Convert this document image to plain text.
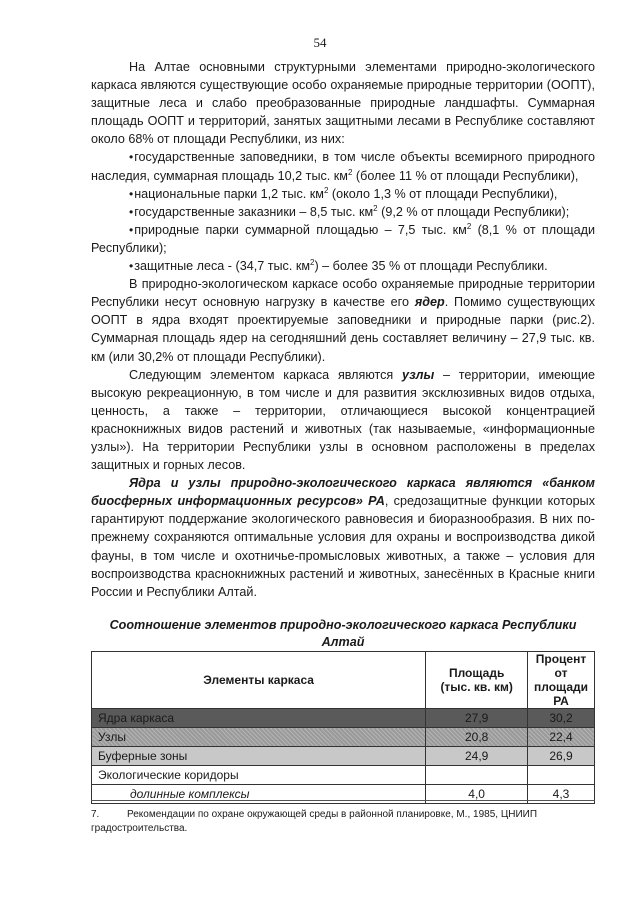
54

На Алтае основными структурными элементами природно-экологического каркаса являются существующие особо охраняемые природные территории (ООПТ), защитные леса и слабо преобразованные природные ландшафты. Суммарная площадь ООПТ и территорий, занятых защитными лесами в Республике составляют около 68% от площади Республики, из них:

•государственные заповедники, в том числе объекты всемирного природного наследия, суммарная площадь 10,2 тыс. $км^2$ (более 11 % от площади Республики),

•национальные парки 1,2 тыс. $км^2$ (около 1,3 % от площади Республики),

•государственные заказники – 8,5 тыс. $км^2$ (9,2 % от площади Республики);

•природные парки суммарной площадью – 7,5 тыс. $км^2$ (8,1 % от площади Республики);

•защитные леса - (34,7 тыс. $км^2$) – более 35 % от площади Республики.

В природно-экологическом каркасе особо охраняемые природные территории Республики несут основную нагрузку в качестве его ядер. Помимо существующих ООПТ в ядра входят проектируемые заповедники и природные парки (рис.2). Суммарная площадь ядер на сегодняшний день составляет величину – 27,9 тыс. кв. км (или 30,2% от площади Республики).

Следующим элементом каркаса являются узлы – территории, имеющие высокую рекреационную, в том числе и для развития эксклюзивных видов отдыха, ценность, а также – территории, отличающиеся высокой концентрацией краснокнижных видов растений и животных (так называемые, «информационные узлы»). На территории Республики узлы в основном расположены в пределах защитных и горных лесов.

Ядра и узлы природно-экологического каркаса являются «банком биосферных информационных ресурсов» РА, средозащитные функции которых гарантируют поддержание экологического равновесия и биоразнообразия. В них по-прежнему сохраняются оптимальные условия для охраны и воспроизводства дикой фауны, в том числе и охотничье-промысловых животных, а также – условия для воспроизводства краснокнижных растений и животных, занесённых в Красные книги России и Республики Алтай.

Соотношение элементов природно-экологического каркаса Республики Алтай
Элементы каркаса	Площадь (тыс. кв. км)	Процент от площади РА
Ядра каркаса	27,9	30,2
Узлы	20,8	22,4
Буферные зоны	24,9	26,9
Экологические коридоры		
долинные комплексы	4,0	4,3
7.	Рекомендации по охране окружающей среды в районной планировке, М., 1985, ЦНИИП градостроительства.
